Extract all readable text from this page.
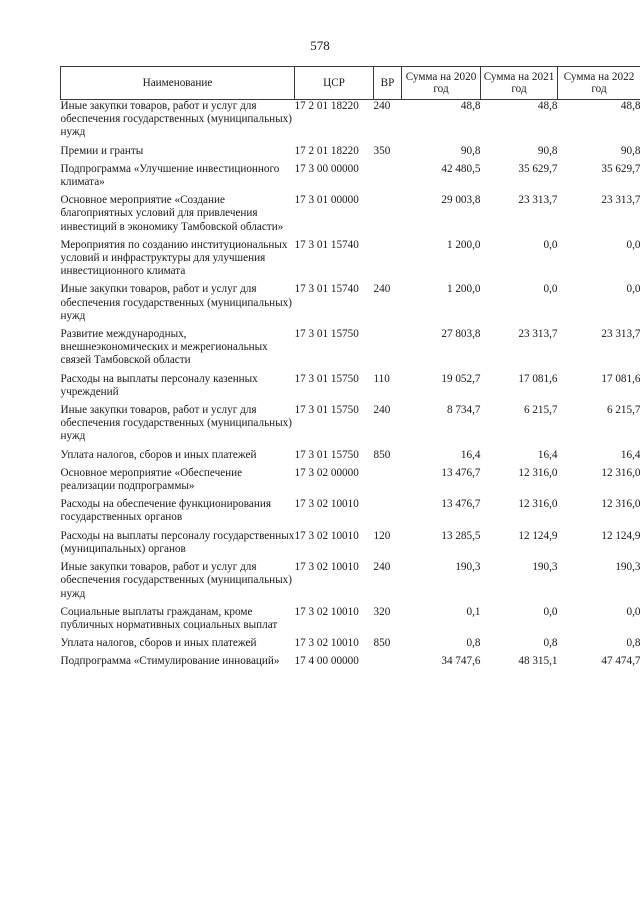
578
Наименование	ЦСР	ВР	Сумма на 2020 год	Сумма на 2021 год	Сумма на 2022 год
Иные закупки товаров, работ и услуг для обеспечения государственных (муниципальных) нужд	17 2 01 18220	240	48,8	48,8	48,8
Премии и гранты	17 2 01 18220	350	90,8	90,8	90,8
Подпрограмма «Улучшение инвестиционного климата»	17 3 00 00000		42 480,5	35 629,7	35 629,7
Основное мероприятие «Создание благоприятных условий для привлечения инвестиций в экономику Тамбовской области»	17 3 01 00000		29 003,8	23 313,7	23 313,7
Мероприятия по созданию институциональных условий и инфраструктуры для улучшения инвестиционного климата	17 3 01 15740		1 200,0	0,0	0,0
Иные закупки товаров, работ и услуг для обеспечения государственных (муниципальных) нужд	17 3 01 15740	240	1 200,0	0,0	0,0
Развитие международных, внешнеэкономических и межрегиональных связей Тамбовской области	17 3 01 15750		27 803,8	23 313,7	23 313,7
Расходы на выплаты персоналу казенных учреждений	17 3 01 15750	110	19 052,7	17 081,6	17 081,6
Иные закупки товаров, работ и услуг для обеспечения государственных (муниципальных) нужд	17 3 01 15750	240	8 734,7	6 215,7	6 215,7
Уплата налогов, сборов и иных платежей	17 3 01 15750	850	16,4	16,4	16,4
Основное мероприятие «Обеспечение реализации подпрограммы»	17 3 02 00000		13 476,7	12 316,0	12 316,0
Расходы на обеспечение функционирования государственных органов	17 3 02 10010		13 476,7	12 316,0	12 316,0
Расходы на выплаты персоналу государственных (муниципальных) органов	17 3 02 10010	120	13 285,5	12 124,9	12 124,9
Иные закупки товаров, работ и услуг для обеспечения государственных (муниципальных) нужд	17 3 02 10010	240	190,3	190,3	190,3
Социальные выплаты гражданам, кроме публичных нормативных социальных выплат	17 3 02 10010	320	0,1	0,0	0,0
Уплата налогов, сборов и иных платежей	17 3 02 10010	850	0,8	0,8	0,8
Подпрограмма «Стимулирование инноваций»	17 4 00 00000		34 747,6	48 315,1	47 474,7
